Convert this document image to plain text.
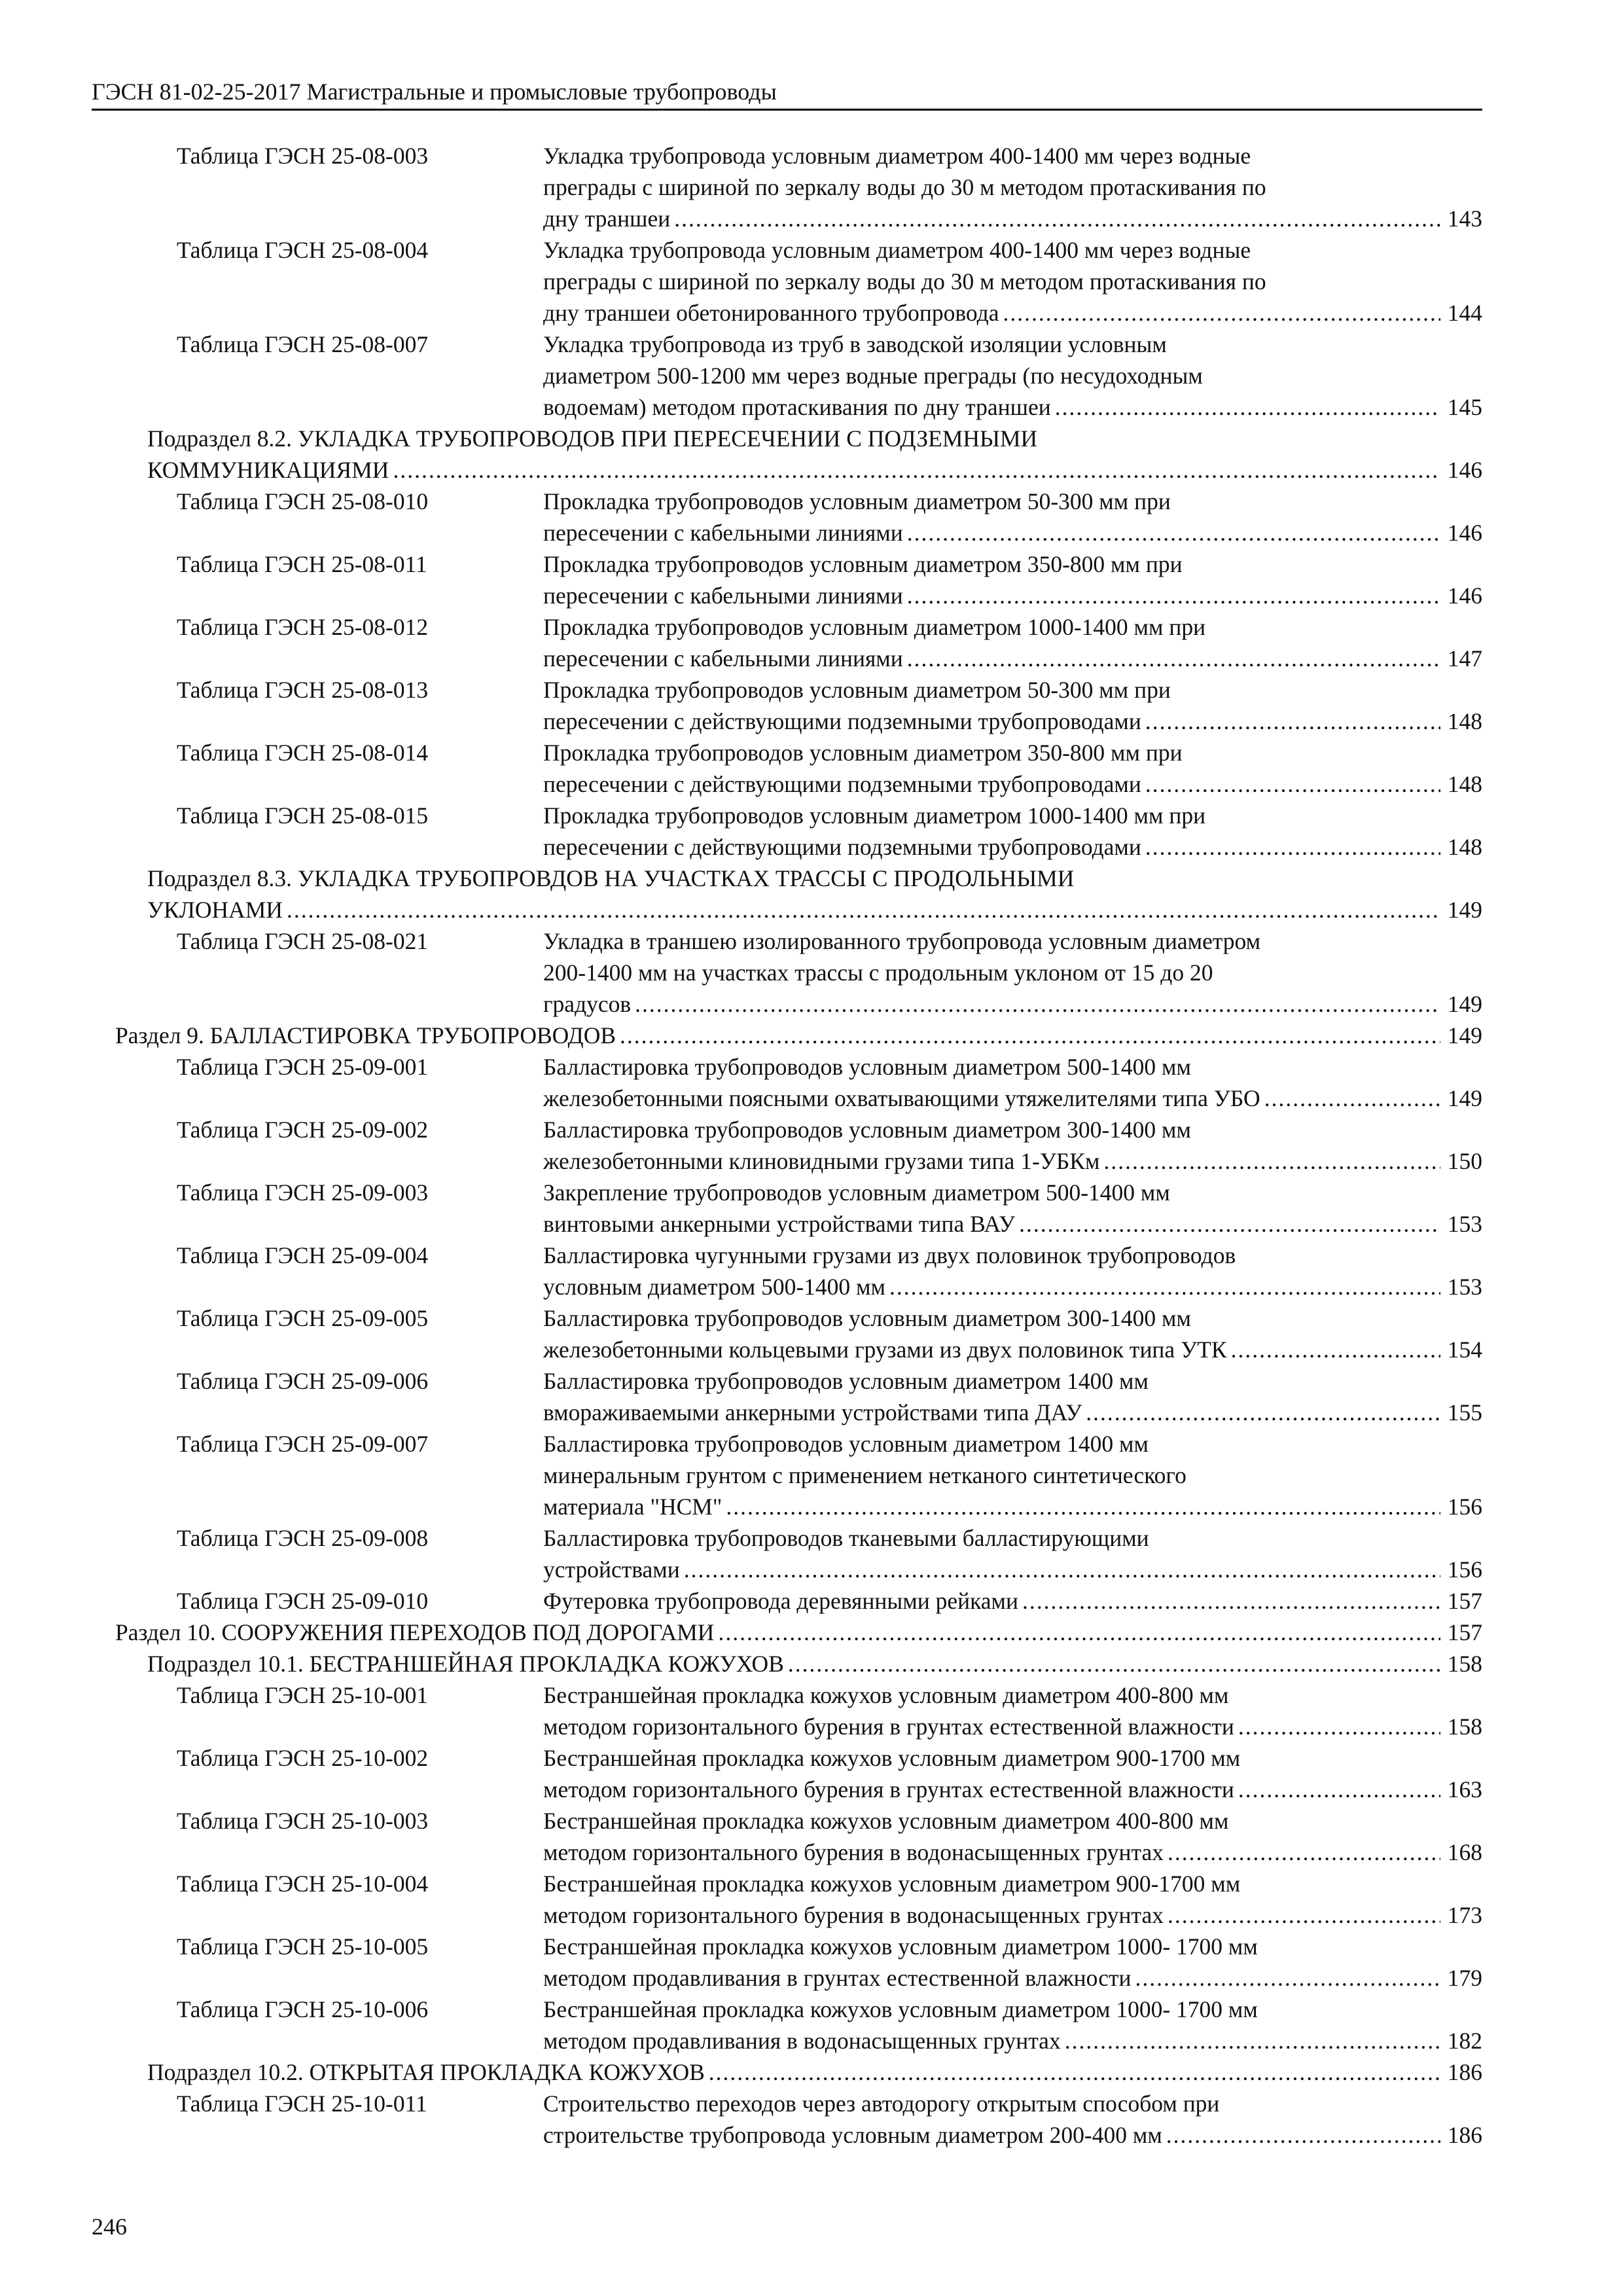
ГЭСН 81-02-25-2017 Магистральные и промысловые трубопроводы
Таблица ГЭСН 25-08-003	Укладка трубопровода условным диаметром 400-1400 мм через водные
преграды с шириной по зеркалу воды до 30 м методом протаскивания по
дну траншеи .....	143
Таблица ГЭСН 25-08-004	Укладка трубопровода условным диаметром 400-1400 мм через водные
преграды с шириной по зеркалу воды до 30 м методом протаскивания по
дну траншеи обетонированного трубопровода .....	144
Таблица ГЭСН 25-08-007	Укладка трубопровода из труб в заводской изоляции условным
диаметром 500-1200 мм через водные преграды (по несудоходным
водоемам) методом протаскивания по дну траншеи .....	145
Подраздел 8.2. УКЛАДКА ТРУБОПРОВОДОВ ПРИ ПЕРЕСЕЧЕНИИ С ПОДЗЕМНЫМИ
КОММУНИКАЦИЯМИ .....	146
Таблица ГЭСН 25-08-010	Прокладка трубопроводов условным диаметром 50-300 мм при
пересечении с кабельными линиями .....	146
Таблица ГЭСН 25-08-011	Прокладка трубопроводов условным диаметром 350-800 мм при
пересечении с кабельными линиями .....	146
Таблица ГЭСН 25-08-012	Прокладка трубопроводов условным диаметром 1000-1400 мм при
пересечении с кабельными линиями .....	147
Таблица ГЭСН 25-08-013	Прокладка трубопроводов условным диаметром 50-300 мм при
пересечении с действующими подземными трубопроводами .....	148
Таблица ГЭСН 25-08-014	Прокладка трубопроводов условным диаметром 350-800 мм при
пересечении с действующими подземными трубопроводами .....	148
Таблица ГЭСН 25-08-015	Прокладка трубопроводов условным диаметром 1000-1400 мм при
пересечении с действующими подземными трубопроводами .....	148
Подраздел 8.3. УКЛАДКА ТРУБОПРОВДОВ НА УЧАСТКАХ ТРАССЫ С ПРОДОЛЬНЫМИ
УКЛОНАМИ .....	149
Таблица ГЭСН 25-08-021	Укладка в траншею изолированного трубопровода условным диаметром
200-1400 мм на участках трассы с продольным уклоном от 15 до 20
градусов .....	149
Раздел 9. БАЛЛАСТИРОВКА ТРУБОПРОВОДОВ .....	149
Таблица ГЭСН 25-09-001	Балластировка трубопроводов условным диаметром 500-1400 мм
железобетонными поясными охватывающими утяжелителями типа УБО .....	149
Таблица ГЭСН 25-09-002	Балластировка трубопроводов условным диаметром 300-1400 мм
железобетонными клиновидными грузами типа 1-УБКм .....	150
Таблица ГЭСН 25-09-003	Закрепление трубопроводов условным диаметром 500-1400 мм
винтовыми анкерными устройствами типа ВАУ .....	153
Таблица ГЭСН 25-09-004	Балластировка чугунными грузами из двух половинок трубопроводов
условным диаметром 500-1400 мм .....	153
Таблица ГЭСН 25-09-005	Балластировка трубопроводов условным диаметром 300-1400 мм
железобетонными кольцевыми грузами из двух половинок типа УТК .....	154
Таблица ГЭСН 25-09-006	Балластировка трубопроводов условным диаметром 1400 мм
вмораживаемыми анкерными устройствами типа ДАУ .....	155
Таблица ГЭСН 25-09-007	Балластировка трубопроводов условным диаметром 1400 мм
минеральным грунтом с применением нетканого синтетического
материала "НСМ" .....	156
Таблица ГЭСН 25-09-008	Балластировка трубопроводов тканевыми балластирующими
устройствами .....	156
Таблица ГЭСН 25-09-010	Футеровка трубопровода деревянными рейками .....	157
Раздел 10. СООРУЖЕНИЯ ПЕРЕХОДОВ ПОД ДОРОГАМИ .....	157
Подраздел 10.1. БЕСТРАНШЕЙНАЯ ПРОКЛАДКА КОЖУХОВ .....	158
Таблица ГЭСН 25-10-001	Бестраншейная прокладка кожухов условным диаметром 400-800 мм
методом горизонтального бурения в грунтах естественной влажности .....	158
Таблица ГЭСН 25-10-002	Бестраншейная прокладка кожухов условным диаметром 900-1700 мм
методом горизонтального бурения в грунтах естественной влажности .....	163
Таблица ГЭСН 25-10-003	Бестраншейная прокладка кожухов условным диаметром 400-800 мм
методом горизонтального бурения в водонасыщенных грунтах .....	168
Таблица ГЭСН 25-10-004	Бестраншейная прокладка кожухов условным диаметром 900-1700 мм
методом горизонтального бурения в водонасыщенных грунтах .....	173
Таблица ГЭСН 25-10-005	Бестраншейная прокладка кожухов условным диаметром 1000- 1700 мм
методом продавливания в грунтах естественной влажности .....	179
Таблица ГЭСН 25-10-006	Бестраншейная прокладка кожухов условным диаметром 1000- 1700 мм
методом продавливания в водонасыщенных грунтах .....	182
Подраздел 10.2. ОТКРЫТАЯ ПРОКЛАДКА КОЖУХОВ .....	186
Таблица ГЭСН 25-10-011	Строительство переходов через автодорогу открытым способом при
строительстве трубопровода условным диаметром 200-400 мм .....	186
246
